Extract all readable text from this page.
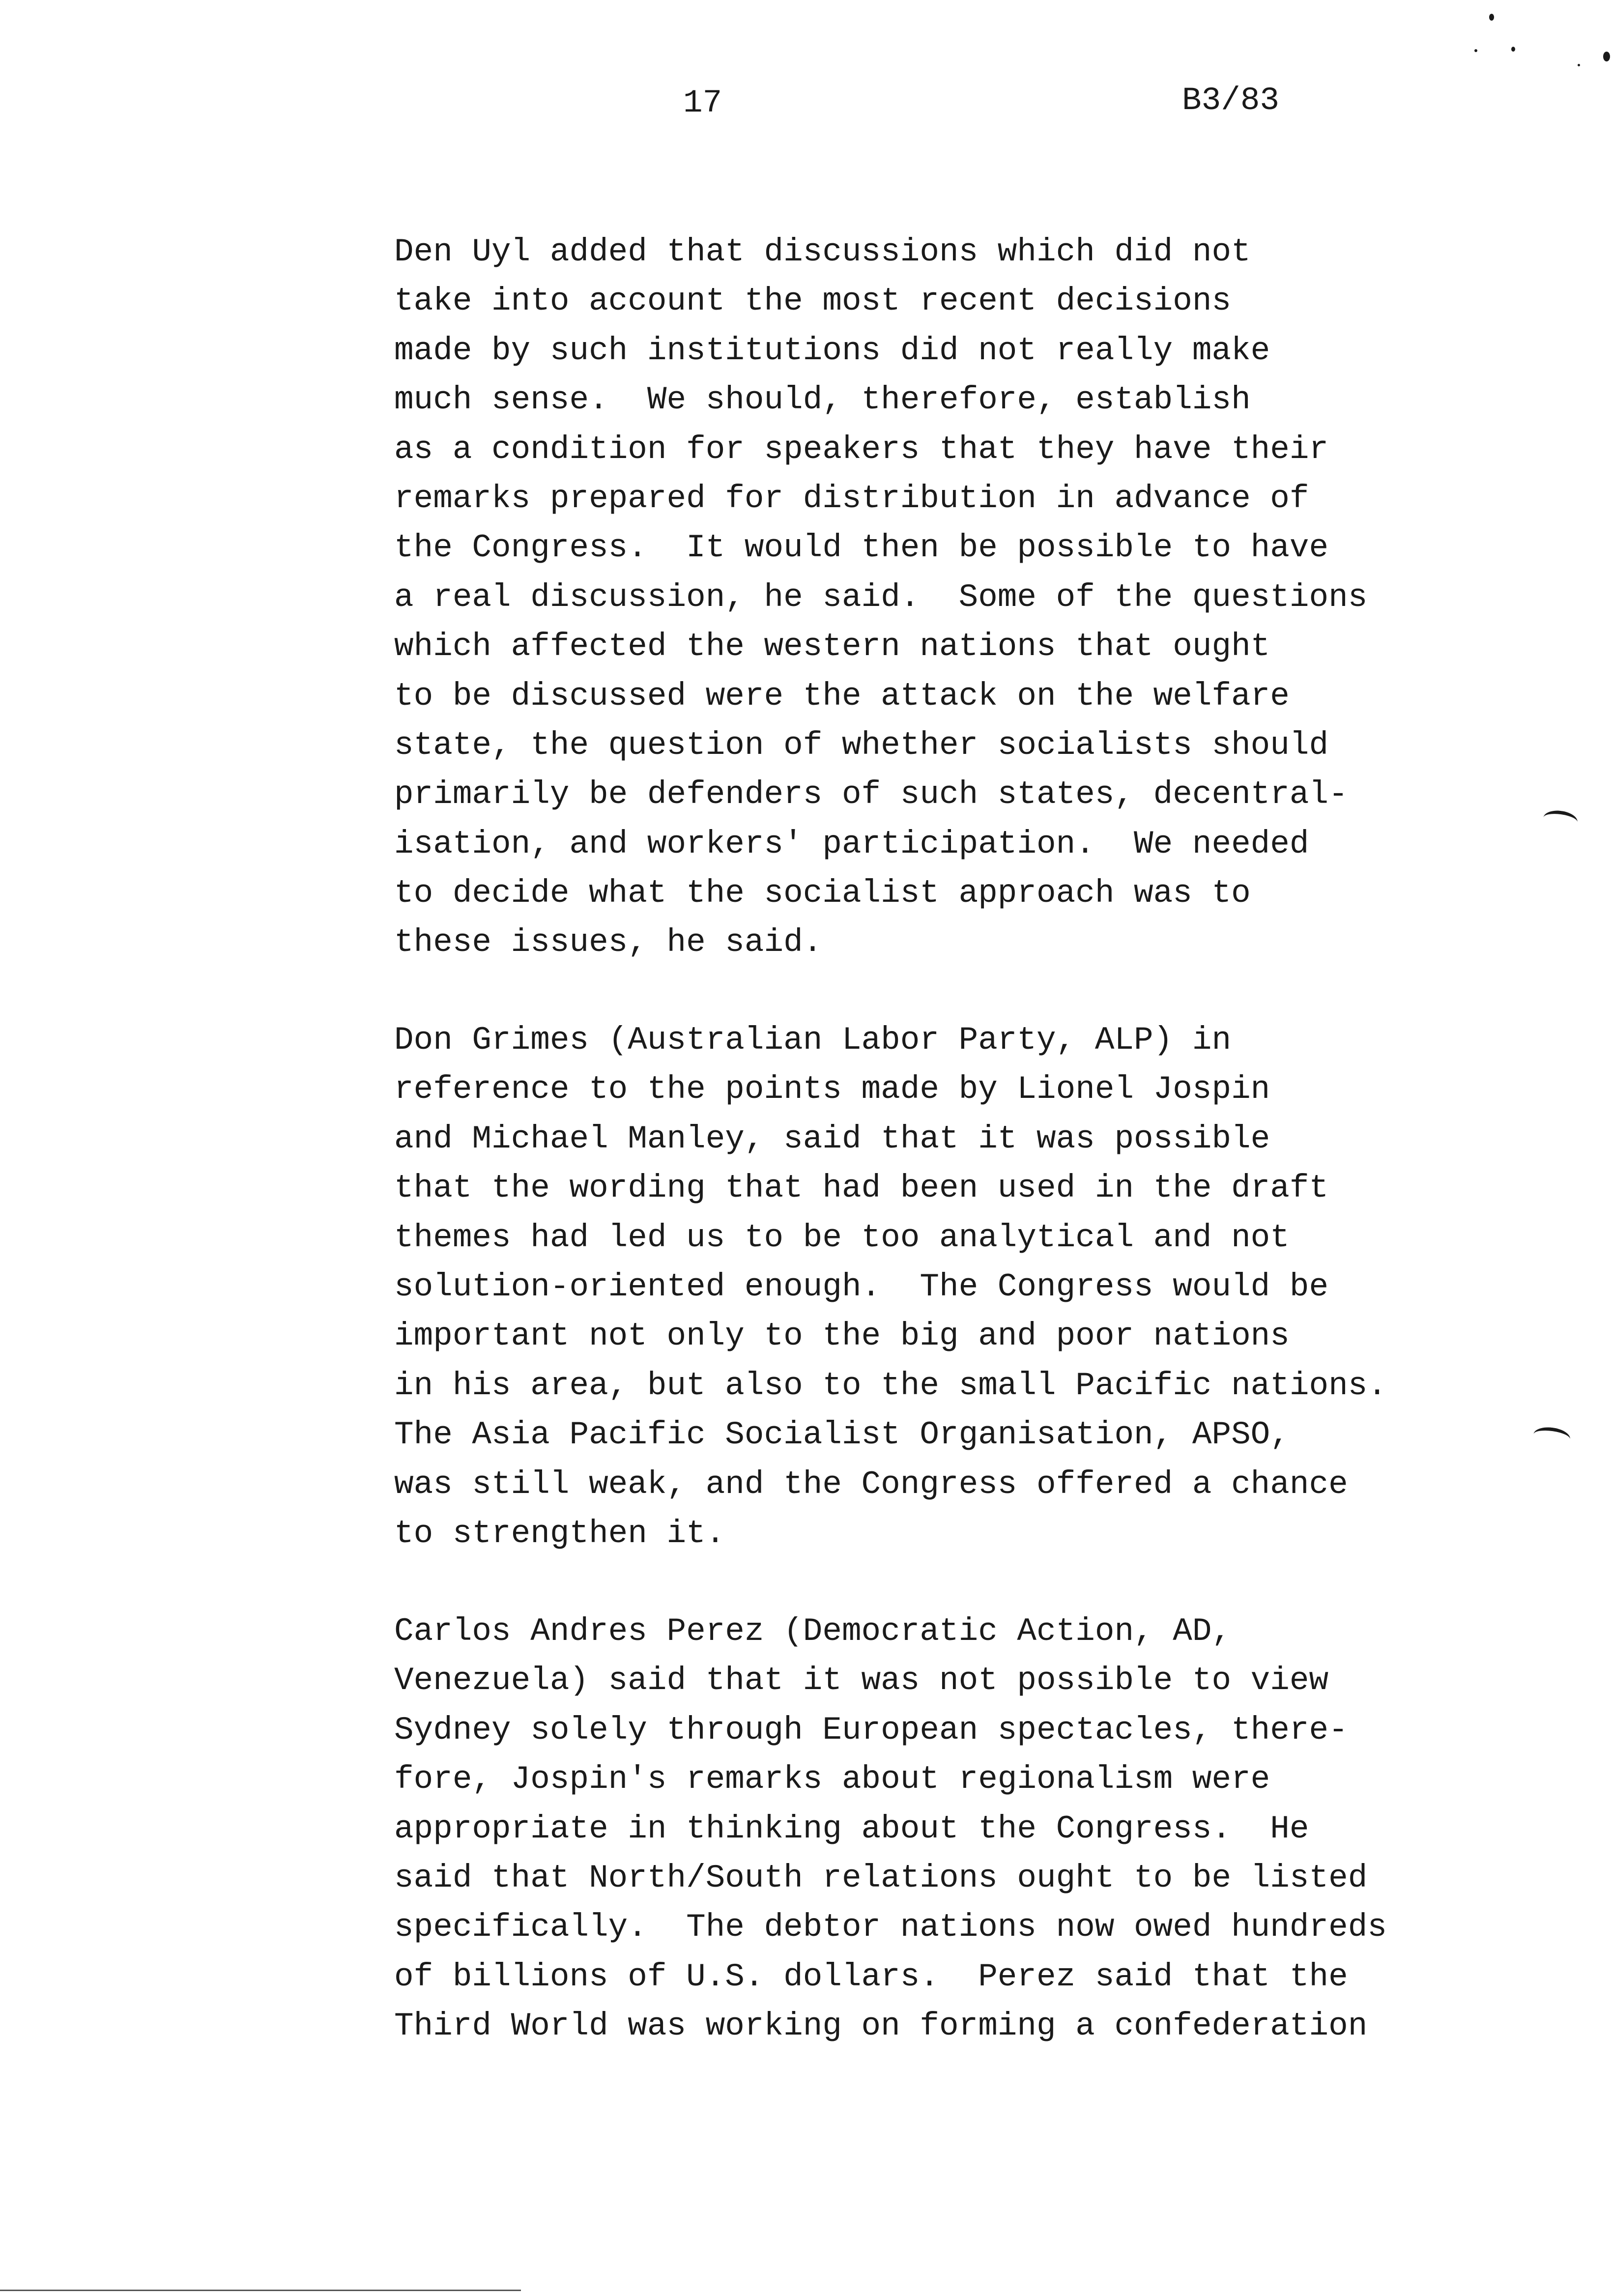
17	B3/83
Den Uyl added that discussions which did not
take into account the most recent decisions
made by such institutions did not really make
much sense.  We should, therefore, establish
as a condition for speakers that they have their
remarks prepared for distribution in advance of
the Congress.  It would then be possible to have
a real discussion, he said.  Some of the questions
which affected the western nations that ought
to be discussed were the attack on the welfare
state, the question of whether socialists should
primarily be defenders of such states, decentral-
isation, and workers' participation.  We needed
to decide what the socialist approach was to
these issues, he said.
Don Grimes (Australian Labor Party, ALP) in
reference to the points made by Lionel Jospin
and Michael Manley, said that it was possible
that the wording that had been used in the draft
themes had led us to be too analytical and not
solution-oriented enough.  The Congress would be
important not only to the big and poor nations
in his area, but also to the small Pacific nations.
The Asia Pacific Socialist Organisation, APSO,
was still weak, and the Congress offered a chance
to strengthen it.
Carlos Andres Perez (Democratic Action, AD,
Venezuela) said that it was not possible to view
Sydney solely through European spectacles, there-
fore, Jospin's remarks about regionalism were
appropriate in thinking about the Congress.  He
said that North/South relations ought to be listed
specifically.  The debtor nations now owed hundreds
of billions of U.S. dollars.  Perez said that the
Third World was working on forming a confederation
